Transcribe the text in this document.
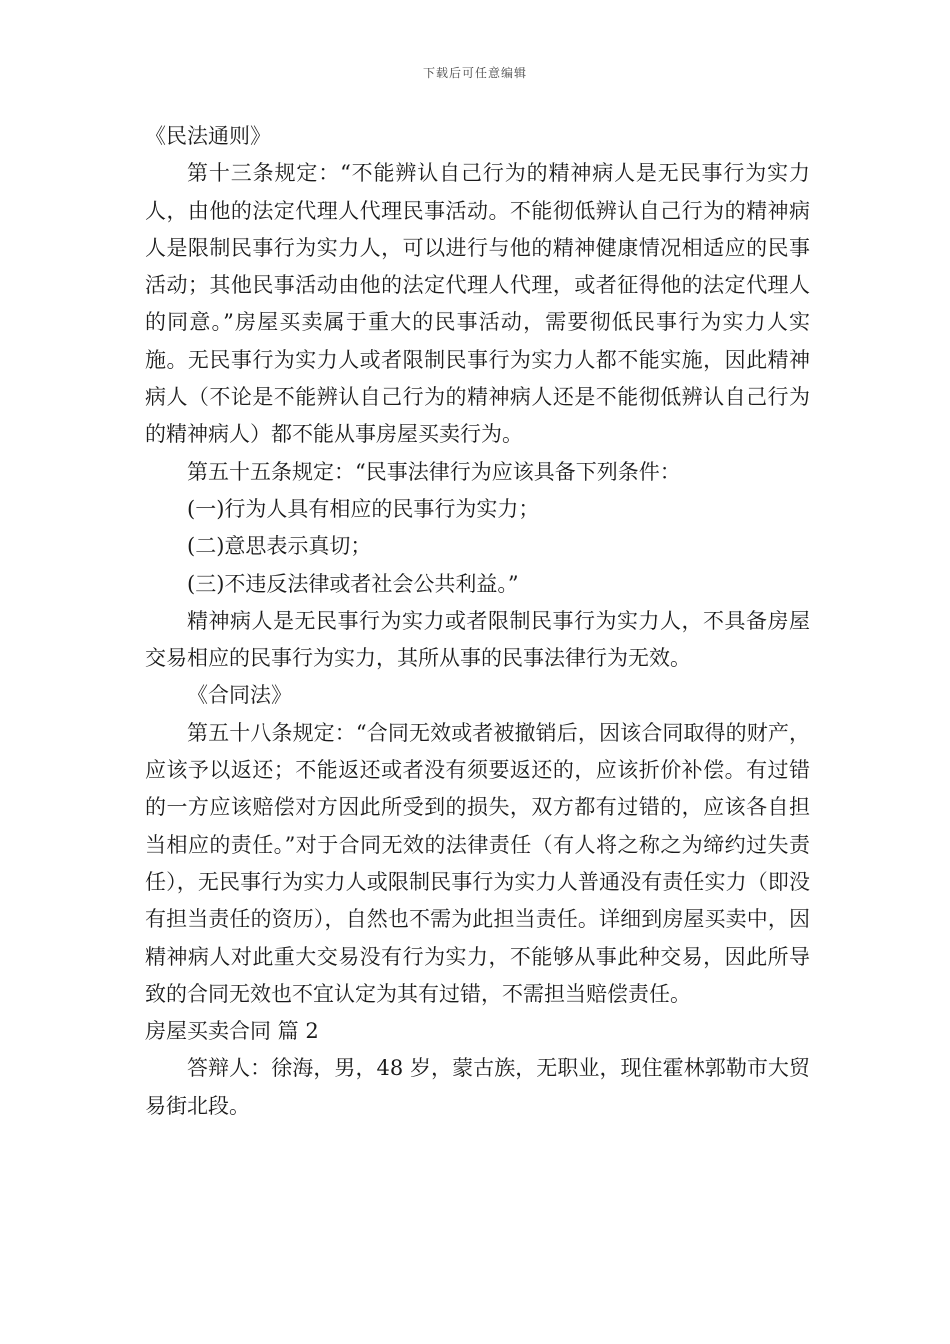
下载后可任意编辑

《民法通则》

第十三条规定：“不能辨认自己行为的精神病人是无民事行为实力人，由他的法定代理人代理民事活动。不能彻低辨认自己行为的精神病人是限制民事行为实力人，可以进行与他的精神健康情况相适应的民事活动；其他民事活动由他的法定代理人代理，或者征得他的法定代理人的同意。”房屋买卖属于重大的民事活动，需要彻低民事行为实力人实施。无民事行为实力人或者限制民事行为实力人都不能实施，因此精神病人（不论是不能辨认自己行为的精神病人还是不能彻低辨认自己行为的精神病人）都不能从事房屋买卖行为。

第五十五条规定：“民事法律行为应该具备下列条件：

(一)行为人具有相应的民事行为实力；

(二)意思表示真切；

(三)不违反法律或者社会公共利益。”

精神病人是无民事行为实力或者限制民事行为实力人，不具备房屋交易相应的民事行为实力，其所从事的民事法律行为无效。

《合同法》

第五十八条规定：“合同无效或者被撤销后，因该合同取得的财产，应该予以返还；不能返还或者没有须要返还的，应该折价补偿。有过错的一方应该赔偿对方因此所受到的损失，双方都有过错的，应该各自担当相应的责任。”对于合同无效的法律责任（有人将之称之为缔约过失责任），无民事行为实力人或限制民事行为实力人普通没有责任实力（即没有担当责任的资历），自然也不需为此担当责任。详细到房屋买卖中，因精神病人对此重大交易没有行为实力，不能够从事此种交易，因此所导致的合同无效也不宜认定为其有过错，不需担当赔偿责任。

房屋买卖合同 篇 2

答辩人：徐海，男，48 岁，蒙古族，无职业，现住霍林郭勒市大贸易街北段。
